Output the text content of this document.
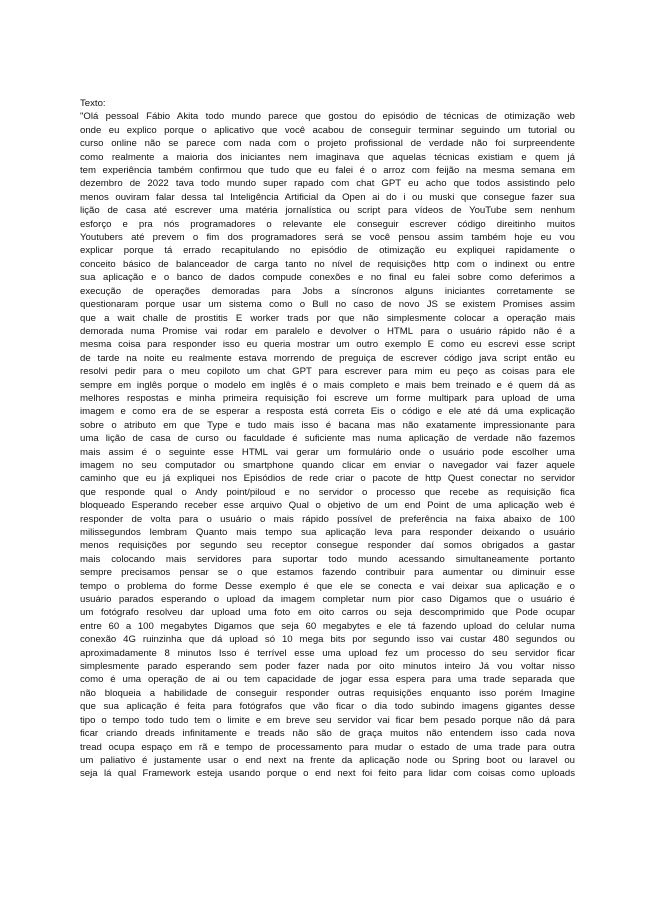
Texto:
"Olá pessoal Fábio Akita todo mundo parece que gostou do episódio de técnicas de otimização web
onde eu explico porque o aplicativo que você acabou de conseguir terminar seguindo um tutorial ou
curso online não se parece com nada com o projeto profissional de verdade não foi surpreendente
como realmente a maioria dos iniciantes nem imaginava que aquelas técnicas existiam e quem já
tem experiência também confirmou que tudo que eu falei é o arroz com feijão na mesma semana em
dezembro de 2022 tava todo mundo super rapado com chat GPT eu acho que todos assistindo pelo
menos ouviram falar dessa tal Inteligência Artificial da Open ai do i ou muski que consegue fazer sua
lição de casa até escrever uma matéria jornalística ou script para vídeos de YouTube sem nenhum
esforço e pra nós programadores o relevante ele conseguir escrever código direitinho muitos
Youtubers até prevem o fim dos programadores será se você pensou assim também hoje eu vou
explicar porque tá errado recapitulando no episódio de otimização eu expliquei rapidamente o
conceito básico de balanceador de carga tanto no nível de requisições http com o indinext ou entre
sua aplicação e o banco de dados compude conexões e no final eu falei sobre como deferimos a
execução de operações demoradas para Jobs a síncronos alguns iniciantes corretamente se
questionaram porque usar um sistema como o Bull no caso de novo JS se existem Promises assim
que a wait challe de prostitis E worker trads por que não simplesmente colocar a operação mais
demorada numa Promise vai rodar em paralelo e devolver o HTML para o usuário rápido não é a
mesma coisa para responder isso eu queria mostrar um outro exemplo E como eu escrevi esse script
de tarde na noite eu realmente estava morrendo de preguiça de escrever código java script então eu
resolvi pedir para o meu copiloto um chat GPT para escrever para mim eu peço as coisas para ele
sempre em inglês porque o modelo em inglês é o mais completo e mais bem treinado e é quem dá as
melhores respostas e minha primeira requisição foi escreve um forme multipark para upload de uma
imagem e como era de se esperar a resposta está correta Eis o código e ele até dá uma explicação
sobre o atributo em que Type e tudo mais isso é bacana mas não exatamente impressionante para
uma lição de casa de curso ou faculdade é suficiente mas numa aplicação de verdade não fazemos
mais assim é o seguinte esse HTML vai gerar um formulário onde o usuário pode escolher uma
imagem no seu computador ou smartphone quando clicar em enviar o navegador vai fazer aquele
caminho que eu já expliquei nos Episódios de rede criar o pacote de http Quest conectar no servidor
que responde qual o Andy point/piloud e no servidor o processo que recebe as requisição fica
bloqueado Esperando receber esse arquivo Qual o objetivo de um end Point de uma aplicação web é
responder de volta para o usuário o mais rápido possível de preferência na faixa abaixo de 100
milissegundos lembram Quanto mais tempo sua aplicação leva para responder deixando o usuário
menos requisições por segundo seu receptor consegue responder daí somos obrigados a gastar
mais colocando mais servidores para suportar todo mundo acessando simultaneamente portanto
sempre precisamos pensar se o que estamos fazendo contribuir para aumentar ou diminuir esse
tempo o problema do forme Desse exemplo é que ele se conecta e vai deixar sua aplicação e o
usuário parados esperando o upload da imagem completar num pior caso Digamos que o usuário é
um fotógrafo resolveu dar upload uma foto em oito carros ou seja descomprimido que Pode ocupar
entre 60 a 100 megabytes Digamos que seja 60 megabytes e ele tá fazendo upload do celular numa
conexão 4G ruinzinha que dá upload só 10 mega bits por segundo isso vai custar 480 segundos ou
aproximadamente 8 minutos Isso é terrível esse uma upload fez um processo do seu servidor ficar
simplesmente parado esperando sem poder fazer nada por oito minutos inteiro Já vou voltar nisso
como é uma operação de ai ou tem capacidade de jogar essa espera para uma trade separada que
não bloqueia a habilidade de conseguir responder outras requisições enquanto isso porém Imagine
que sua aplicação é feita para fotógrafos que vão ficar o dia todo subindo imagens gigantes desse
tipo o tempo todo tudo tem o limite e em breve seu servidor vai ficar bem pesado porque não dá para
ficar criando dreads infinitamente e treads não são de graça muitos não entendem isso cada nova
tread ocupa espaço em rã e tempo de processamento para mudar o estado de uma trade para outra
um paliativo é justamente usar o end next na frente da aplicação node ou Spring boot ou laravel ou
seja lá qual Framework esteja usando porque o end next foi feito para lidar com coisas como uploads
